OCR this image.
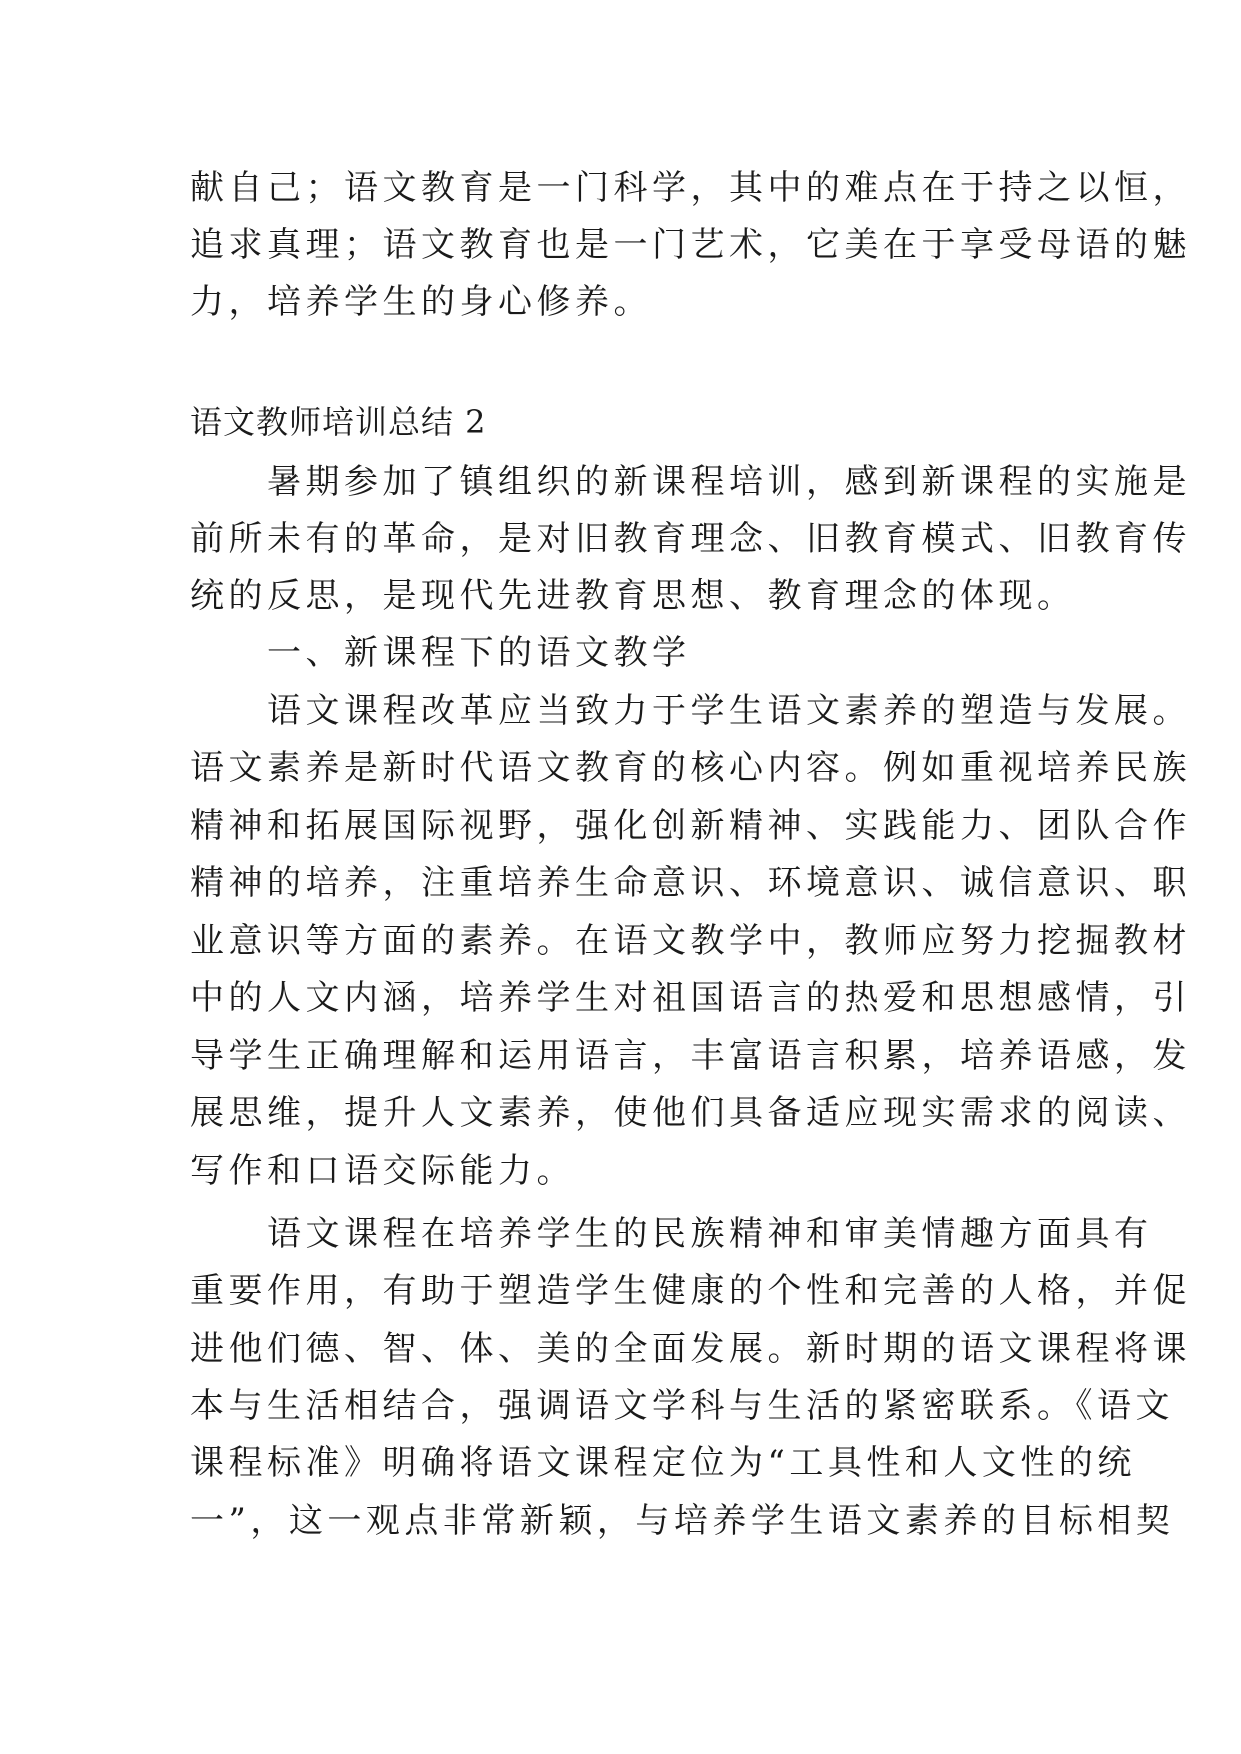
献自己；语文教育是一门科学，其中的难点在于持之以恒，
追求真理；语文教育也是一门艺术，它美在于享受母语的魅
力，培养学生的身心修养。
语文教师培训总结 2
　　暑期参加了镇组织的新课程培训，感到新课程的实施是
前所未有的革命，是对旧教育理念、旧教育模式、旧教育传
统的反思，是现代先进教育思想、教育理念的体现。
　　一、新课程下的语文教学
　　语文课程改革应当致力于学生语文素养的塑造与发展。
语文素养是新时代语文教育的核心内容。例如重视培养民族
精神和拓展国际视野，强化创新精神、实践能力、团队合作
精神的培养，注重培养生命意识、环境意识、诚信意识、职
业意识等方面的素养。在语文教学中，教师应努力挖掘教材
中的人文内涵，培养学生对祖国语言的热爱和思想感情，引
导学生正确理解和运用语言，丰富语言积累，培养语感，发
展思维，提升人文素养，使他们具备适应现实需求的阅读、
写作和口语交际能力。
　　语文课程在培养学生的民族精神和审美情趣方面具有
重要作用，有助于塑造学生健康的个性和完善的人格，并促
进他们德、智、体、美的全面发展。新时期的语文课程将课
本与生活相结合，强调语文学科与生活的紧密联系。《语文
课程标准》明确将语文课程定位为“工具性和人文性的统
一”，这一观点非常新颖，与培养学生语文素养的目标相契
